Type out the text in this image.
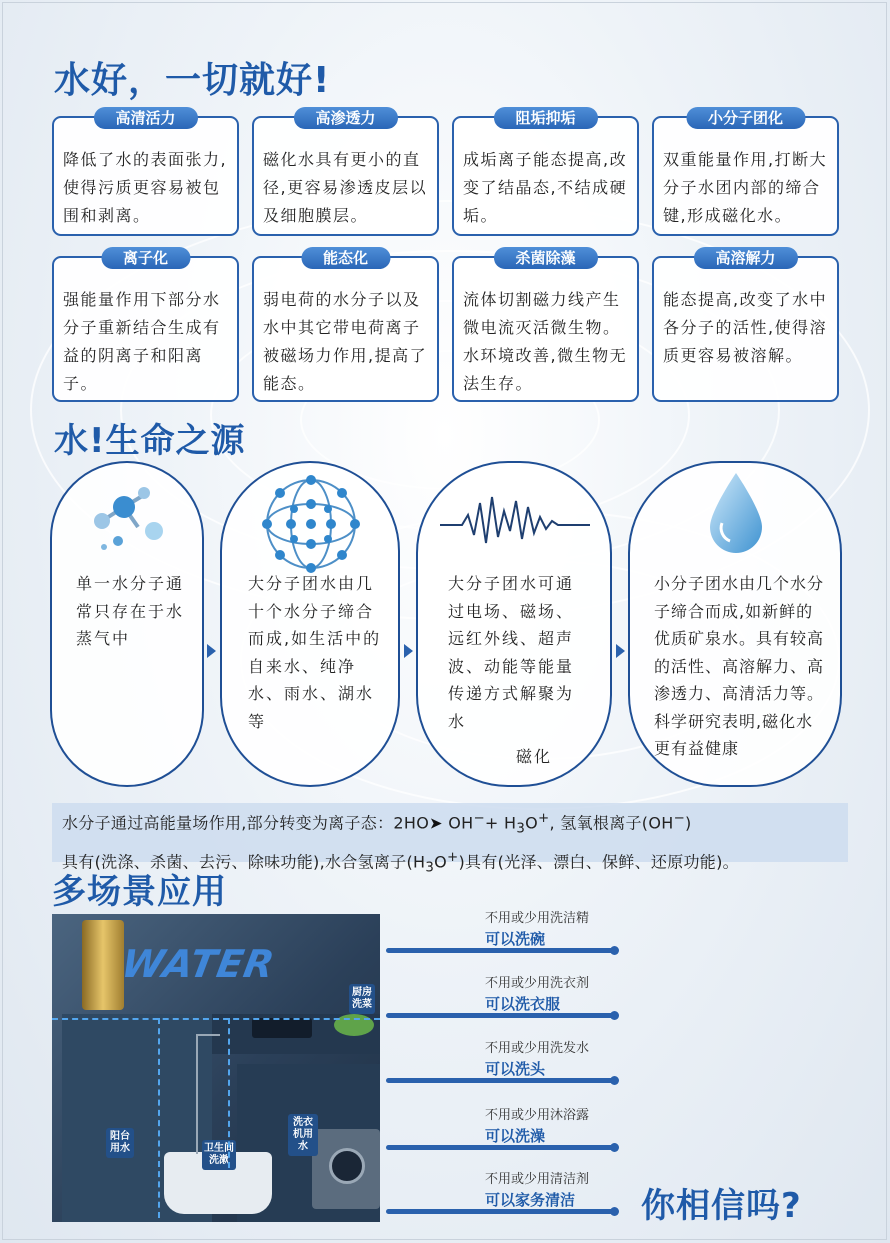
水好，一切就好!
高清活力
降低了水的表面张力,使得污质更容易被包围和剥离。
高渗透力
磁化水具有更小的直径,更容易渗透皮层以及细胞膜层。
阻垢抑垢
成垢离子能态提高,改变了结晶态,不结成硬垢。
小分子团化
双重能量作用,打断大分子水团内部的缔合键,形成磁化水。
离子化
强能量作用下部分水分子重新结合生成有益的阴离子和阳离子。
能态化
弱电荷的水分子以及水中其它带电荷离子被磁场力作用,提高了能态。
杀菌除藻
流体切割磁力线产生微电流灭活微生物。水环境改善,微生物无法生存。
高溶解力
能态提高,改变了水中各分子的活性,使得溶质更容易被溶解。
水!生命之源
单一水分子通常只存在于水蒸气中
大分子团水由几十个水分子缔合而成,如生活中的自来水、纯净水、雨水、湖水等
大分子团水可通过电场、磁场、远红外线、超声波、动能等能量传递方式解聚为水
磁化
小分子团水由几个水分子缔合而成,如新鲜的优质矿泉水。具有较高的活性、高溶解力、高渗透力、高清活力等。科学研究表明,磁化水更有益健康
水分子通过高能量场作用,部分转变为离子态：2HO➤ $OH^-+ H_3O^+$, 氢氧根离子(OH−)
具有(洗涤、杀菌、去污、除味功能),水合氢离子$(H_3O^+)$具有(光泽、漂白、保鲜、还原功能)。
多场景应用
WATER
厨房洗菜
阳台用水	卫生间洗漱
洗衣机用水
不用或少用洗洁精
可以洗碗
不用或少用洗衣剂
可以洗衣服
不用或少用洗发水
可以洗头
不用或少用沐浴露
可以洗澡
不用或少用清洁剂
可以家务清洁 你相信吗?
